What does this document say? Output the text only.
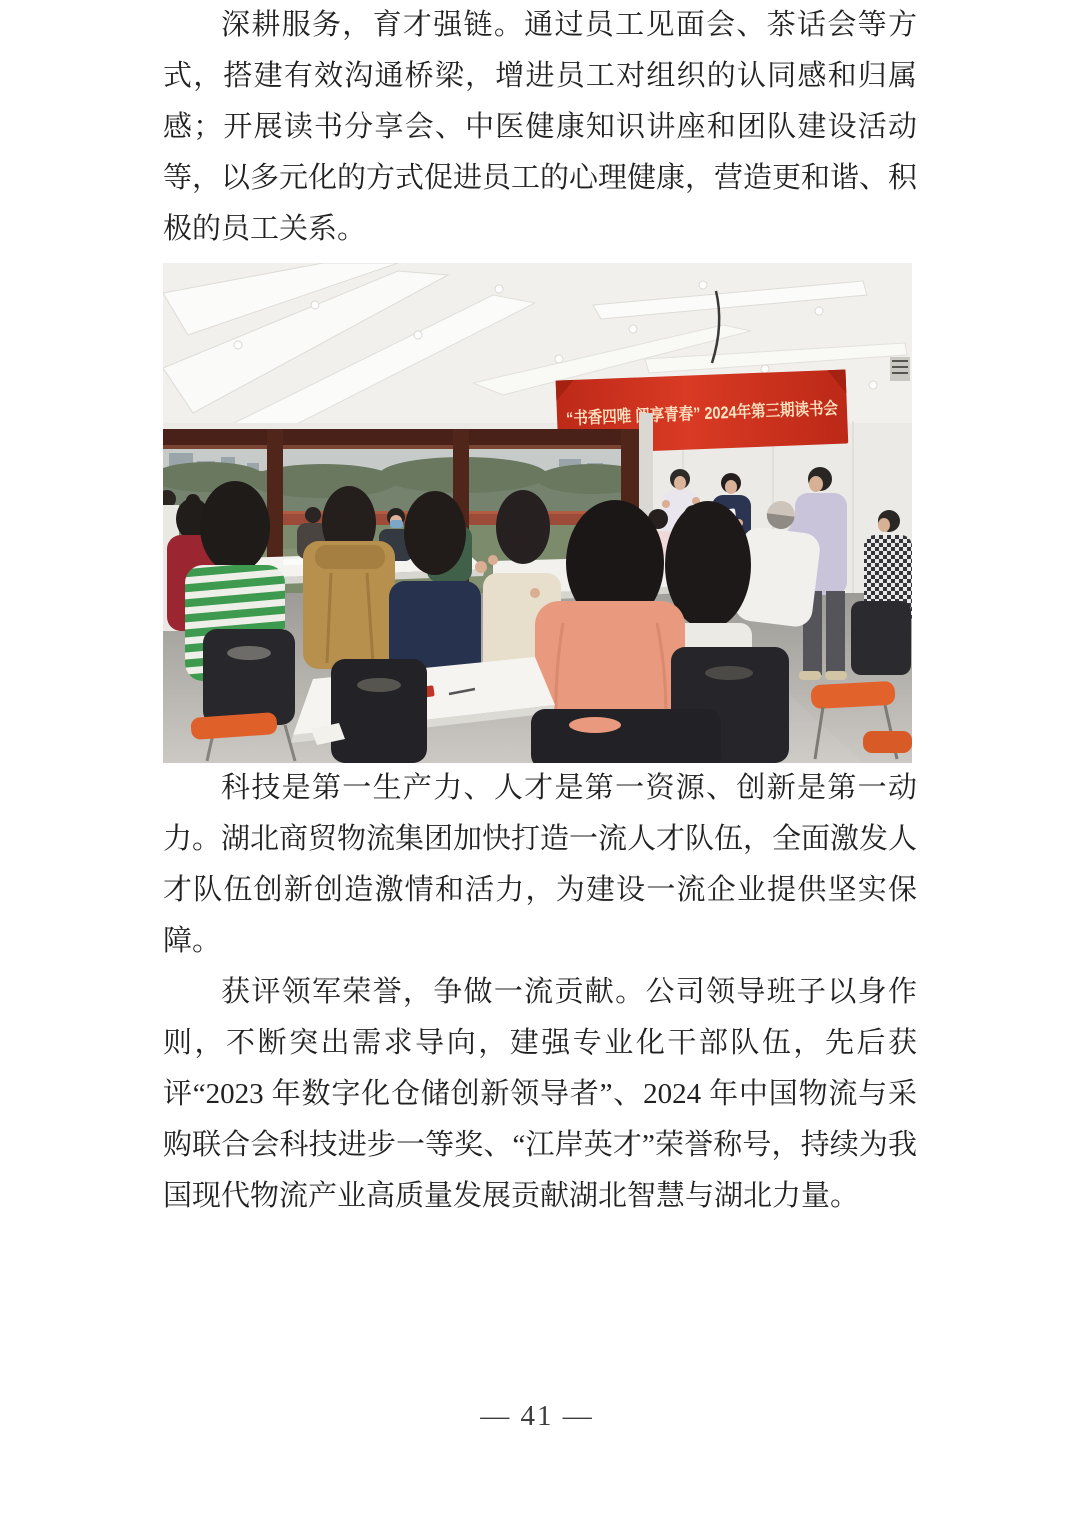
深耕服务，育才强链。通过员工见面会、茶话会等方式，搭建有效沟通桥梁，增进员工对组织的认同感和归属感；开展读书分享会、中医健康知识讲座和团队建设活动等，以多元化的方式促进员工的心理健康，营造更和谐、积极的员工关系。

“书香四唯 阅享青春” 2024年第三期读书会

科技是第一生产力、人才是第一资源、创新是第一动力。湖北商贸物流集团加快打造一流人才队伍，全面激发人才队伍创新创造激情和活力，为建设一流企业提供坚实保障。

获评领军荣誉，争做一流贡献。公司领导班子以身作则，不断突出需求导向，建强专业化干部队伍，先后获评“2023 年数字化仓储创新领导者”、2024 年中国物流与采购联合会科技进步一等奖、“江岸英才”荣誉称号，持续为我国现代物流产业高质量发展贡献湖北智慧与湖北力量。

— 41 —
